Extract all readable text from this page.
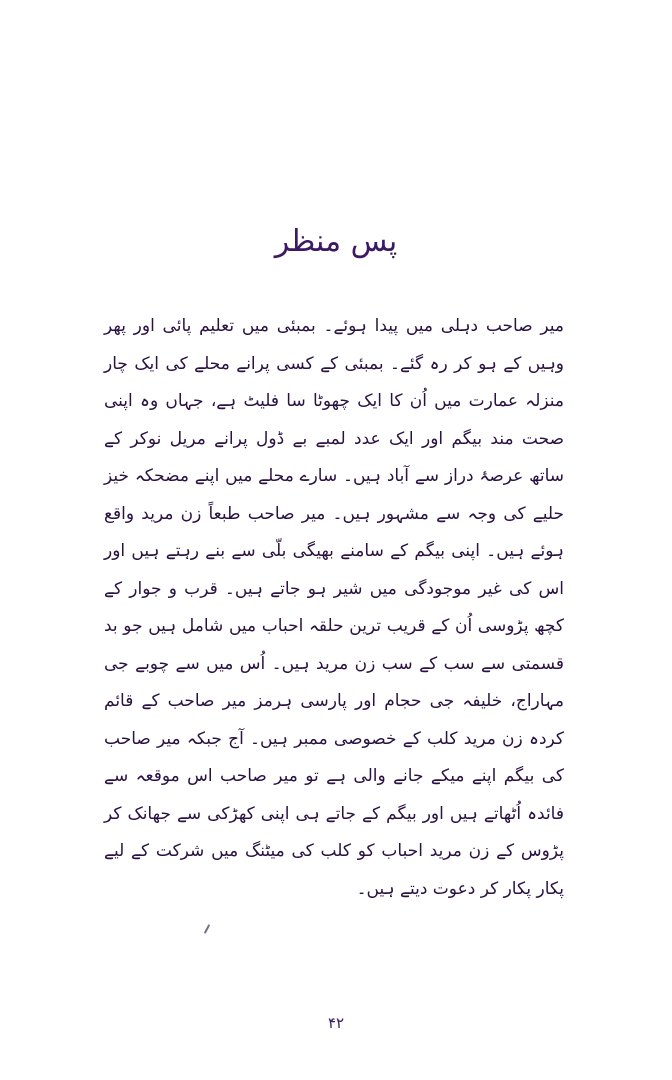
پس منظر

میر صاحب دہلی میں پیدا ہوئے۔ بمبئی میں تعلیم پائی اور پھر وہیں کے ہو کر رہ گئے۔ بمبئی کے کسی پرانے محلے کی ایک چار منزلہ عمارت میں اُن کا ایک چھوٹا سا فلیٹ ہے، جہاں وہ اپنی صحت مند بیگم اور ایک عدد لمبے بے ڈول پرانے مریل نوکر کے ساتھ عرصۂ دراز سے آباد ہیں۔ سارے محلے میں اپنے مضحکہ خیز حلیے کی وجہ سے مشہور ہیں۔ میر صاحب طبعاً زن مرید واقع ہوئے ہیں۔ اپنی بیگم کے سامنے بھیگی بلّی سے بنے رہتے ہیں اور اس کی غیر موجودگی میں شیر ہو جاتے ہیں۔ قرب و جوار کے کچھ پڑوسی اُن کے قریب ترین حلقہ احباب میں شامل ہیں جو بد قسمتی سے سب کے سب زن مرید ہیں۔ اُس میں سے چوبے جی مہاراج، خلیفہ جی حجام اور پارسی ہرمز میر صاحب کے قائم کردہ زن مرید کلب کے خصوصی ممبر ہیں۔ آج جبکہ میر صاحب کی بیگم اپنے میکے جانے والی ہے تو میر صاحب اس موقعہ سے فائدہ اُٹھاتے ہیں اور بیگم کے جاتے ہی اپنی کھڑکی سے جھانک کر پڑوس کے زن مرید احباب کو کلب کی میٹنگ میں شرکت کے لیے پکار پکار کر دعوت دیتے ہیں۔

۴۲
